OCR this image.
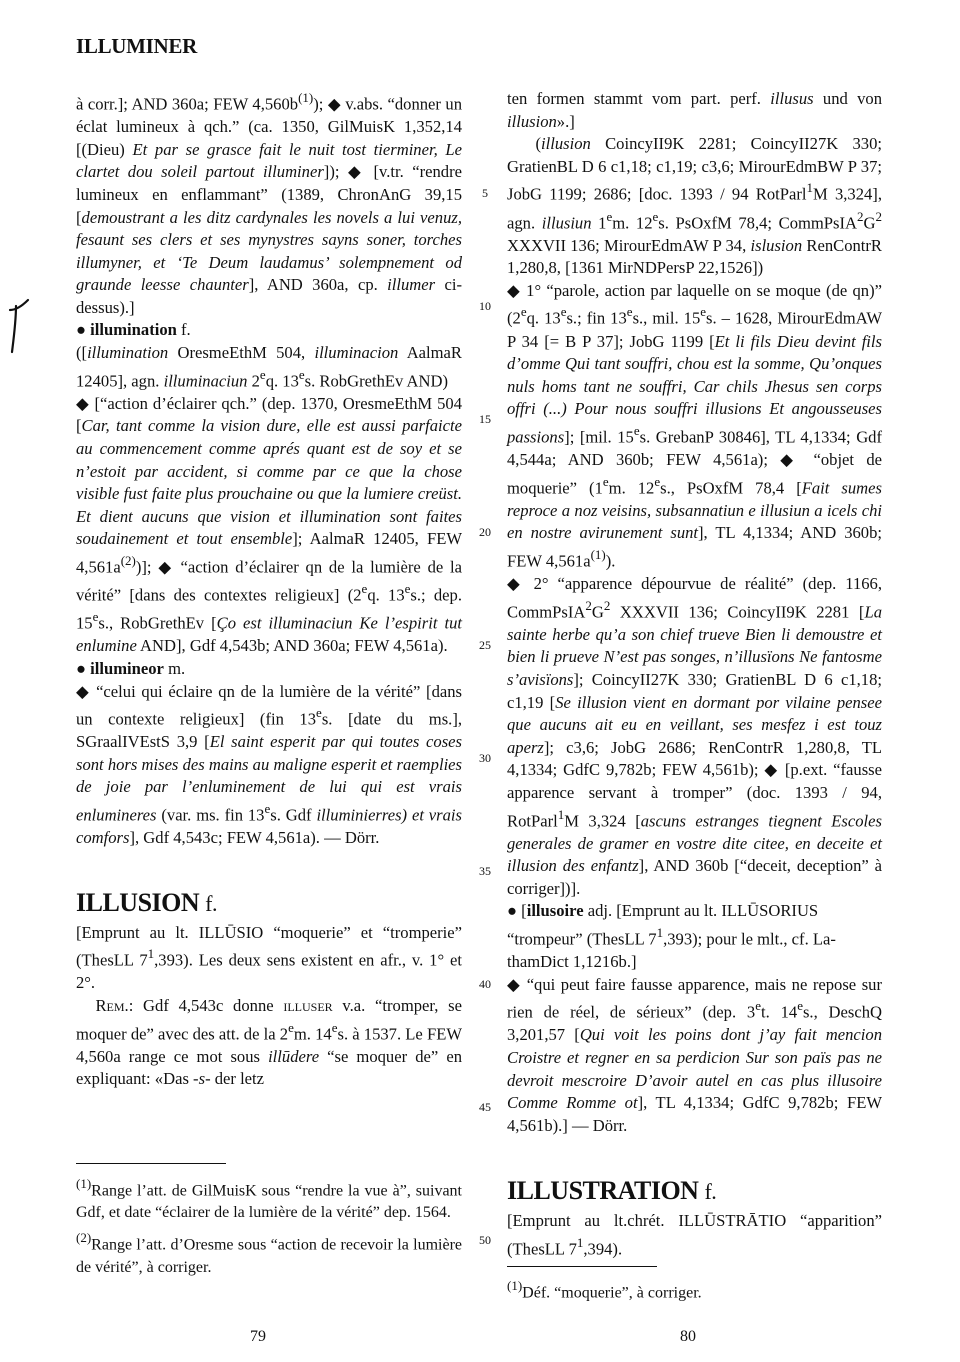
ILLUMINER

à corr.]; AND 360a; FEW $4,560b^{(1)}$); ◆ v.abs. “donner un éclat lumineux à qch.” (ca. 1350, GilMuisK 1,352,14 [(Dieu) Et par se grasce fait le nuit tost tierminer, Le clartet dou soleil partout illuminer]); ◆ [v.tr. “rendre lumineux en enflammant” (1389, ChronAnG 39,15 [demoustrant a les ditz cardynales les novels a lui venuz, fesaunt ses clers et ses mynystres sayns soner, torches illumyner, et ‘Te Deum laudamus’ solempnement od graunde leesse chaunter], AND 360a, cp. illumer ci-dessus).]

● illumination f.

([illumination OresmeEthM 504, illuminacion AalmaR 12405], agn. illuminaciun 2eq. 13es. RobGrethEv AND)

◆ [“action d’éclairer qch.” (dep. 1370, OresmeEthM 504 [Car, tant comme la vision dure, elle est aussi parfaicte au commencement comme aprés quant est de soy et se n’estoit par accident, si comme par ce que la chose visible fust faite plus prouchaine ou que la lumiere creüst. Et dient aucuns que vision et illumination sont faites soudainement et tout ensemble]; AalmaR 12405, FEW $4,561a^{(2)}$)]; ◆ “action d’éclairer qn de la lumière de la vérité” [dans des contextes religieux] (2eq. 13es.; dep. 15es., RobGrethEv [Ço est illuminaciun Ke l’espirit tut enlumine AND], Gdf 4,543b; AND 360a; FEW 4,561a).

● illumineor m.

◆ “celui qui éclaire qn de la lumière de la vérité” [dans un contexte religieux] (fin 13es. [date du ms.], SGraalIVEstS 3,9 [El saint esperit par qui toutes coses sont hors mises des mains au maligne esperit et raemplies de joie par l’enluminement de lui qui est vrais enlumineres (var. ms. fin 13es. Gdf illuminierres) et vrais comfors], Gdf 4,543c; FEW 4,561a). — Dörr.

ILLUSION f.

[Emprunt au lt. ILLŪSIO “moquerie” et “tromperie” (ThesLL $7^1,393$). Les deux sens existent en afr., v. 1° et 2°.

Rem.: Gdf 4,543c donne illuser v.a. “tromper, se moquer de” avec des att. de la 2em. 14es. à 1537. Le FEW 4,560a range ce mot sous illūdere “se moquer de” en expliquant: «Das -s- der letz

5
10
15
20
25
30
35
40
45
50

ten formen stammt vom part. perf. illusus und von illusion».]

(illusion CoincyII9K 2281; CoincyII27K 330; GratienBL D 6 c1,18; c1,19; c3,6; MirourEdmBW P 37; JobG 1199; 2686; [doc. 1393 / 94 RotParl$^1$M 3,324], agn. illusiun 1em. 12es. PsOxfM 78,4; $CommPsIA^2G^2$ XXXVII 136; MirourEdmAW P 34, islusion RenContrR 1,280,8, [1361 MirNDPersP 22,1526])

◆ 1° “parole, action par laquelle on se moque (de qn)” (2eq. 13es.; fin 13es., mil. 15es. – 1628, MirourEdmAW P 34 [= B P 37]; JobG 1199 [Et li fils Dieu devint fils d’omme Qui tant souffri, chou est la somme, Qu’onques nuls homs tant ne souffri, Car chils Jhesus sen corps offri (...) Pour nous souffri illusions Et angousseuses passions]; [mil. 15es. GrebanP 30846], TL 4,1334; Gdf 4,544a; AND 360b; FEW 4,561a); ◆ “objet de moquerie” (1em. 12es., PsOxfM 78,4 [Fait sumes reproce a noz veisins, subsannatiun e illusiun a icels chi en nostre avirunement sunt], TL 4,1334; AND 360b; FEW $4,561a^{(1)}$).

◆ 2° “apparence dépourvue de réalité” (dep. 1166, $CommPsIA^2G^2$ XXXVII 136; CoincyII9K 2281 [La sainte herbe qu’a son chief trueve Bien li demoustre et bien li prueve N’est pas songes, n’illusïons Ne fantosme s’avisïons]; CoincyII27K 330; GratienBL D 6 c1,18; c1,19 [Se illusion vient en dormant por vilaine pensee que aucuns ait eu en veillant, ses mesfez i est touz aperz]; c3,6; JobG 2686; RenContrR 1,280,8, TL 4,1334; GdfC 9,782b; FEW 4,561b); ◆ [p.ext. “fausse apparence servant à tromper” (doc. 1393 / 94, RotParl$^1$M 3,324 [ascuns estranges tiegnent Escoles generales de gramer en vostre dite citee, en deceite et illusion des enfantz], AND 360b [“deceit, deception” à corriger])].

● [illusoire adj. [Emprunt au lt. ILLŪSORIUS “trompeur” (ThesLL $7^1,393$); pour le mlt., cf. LathamDict 1,1216b.]

◆ “qui peut faire fausse apparence, mais ne repose sur rien de réel, de sérieux” (dep. 3et. 14es., DeschQ 3,201,57 [Qui voit les poins dont j’ay fait mencion Croistre et regner en sa perdicion Sur son païs pas ne devroit mescroire D’avoir autel en cas plus illusoire Comme Romme ot], TL 4,1334; GdfC 9,782b; FEW 4,561b).] — Dörr.

ILLUSTRATION f.

[Emprunt au lt.chrét. ILLŪSTRĀTIO “apparition” (ThesLL $7^1,394$).

$^{(1)}$Range l’att. de GilMuisK sous “rendre la vue à”, suivant Gdf, et date “éclairer de la lumière de la vérité” dep. 1564.

$^{(2)}$Range l’att. d’Oresme sous “action de recevoir la lumière de vérité”, à corriger.

$^{(1)}$Déf. “moquerie”, à corriger.

79	80
